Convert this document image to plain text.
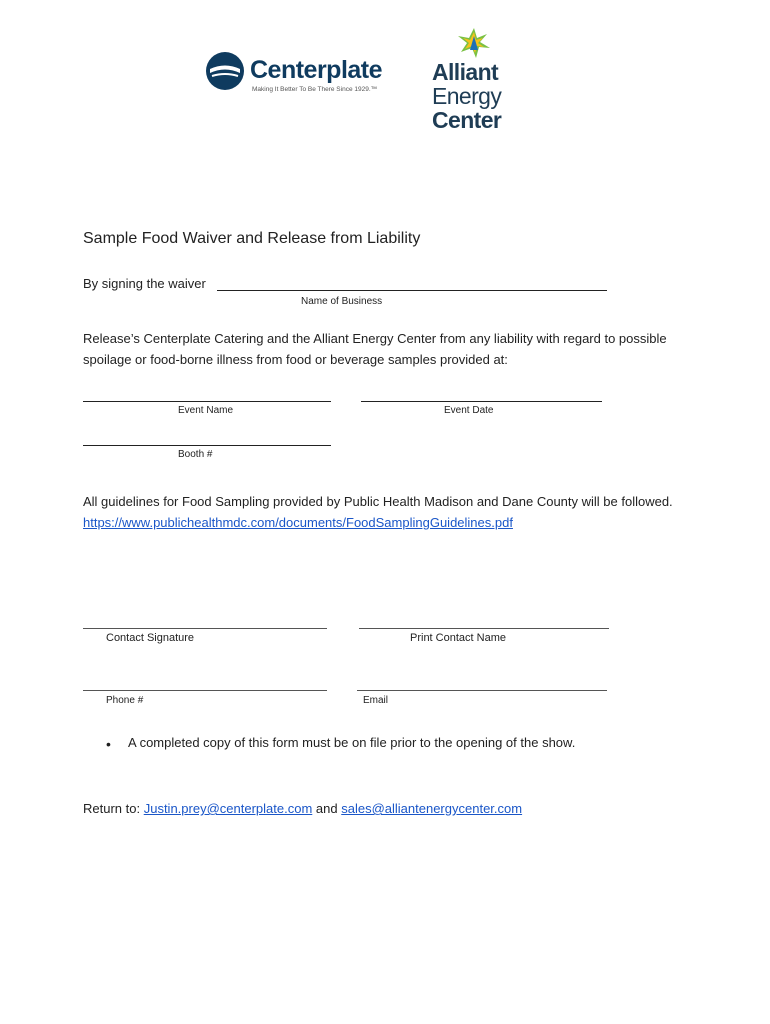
Centerplate
Making It Better To Be There Since 1929.™
Alliant
Energy
Center
Sample Food Waiver and Release from Liability
By signing the waiver
Name of Business
Release’s Centerplate Catering and the Alliant Energy Center from any liability with regard to possible spoilage or food-borne illness from food or beverage samples provided at:
Event Name	Event Date
Booth #
All guidelines for Food Sampling provided by Public Health Madison and Dane County will be followed. https://www.publichealthmdc.com/documents/FoodSamplingGuidelines.pdf
Contact Signature	Print Contact Name
Phone #	Email
• A completed copy of this form must be on file prior to the opening of the show.
Return to: Justin.prey@centerplate.com and sales@alliantenergycenter.com
